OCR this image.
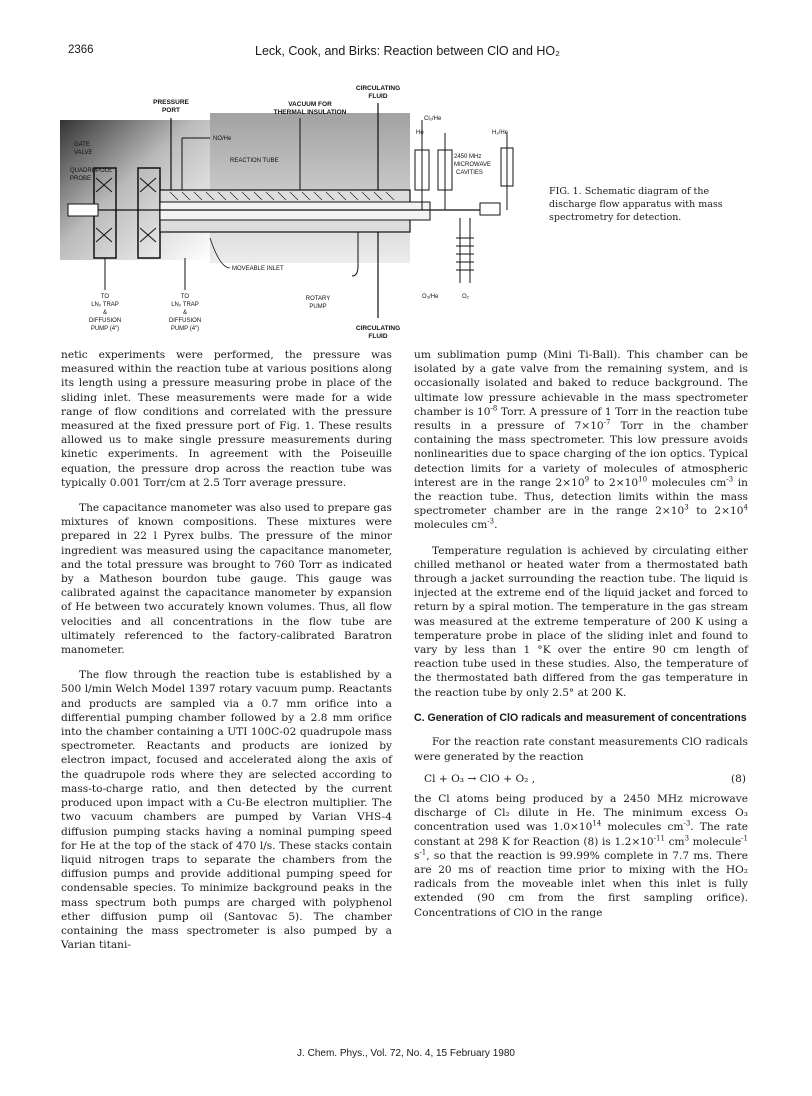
2366	Leck, Cook, and Birks: Reaction between ClO and HO₂
CIRCULATING
FLUID
PRESSURE
PORT
VACUUM FOR
THERMAL INSULATION
Cl₂/He
He	H₂/He
GATE
VALVE
NO/He
REACTION TUBE
QUADRUPOLE
PROBE
2450 MHz
MICROWAVE
CAVITIES
MOVEABLE INLET
TO
LN₂ TRAP
&
DIFFUSION
PUMP (4")
TO
LN₂ TRAP
&
DIFFUSION
PUMP (4")
ROTARY
PUMP
O₃/He	O₂
CIRCULATING
FLUID
FIG. 1. Schematic diagram of the discharge flow apparatus with mass spectrometry for detection.

netic experiments were performed, the pressure was measured within the reaction tube at various positions along its length using a pressure measuring probe in place of the sliding inlet. These measurements were made for a wide range of flow conditions and correlated with the pressure measured at the fixed pressure port of Fig. 1. These results allowed us to make single pressure measurements during kinetic experiments. In agreement with the Poiseuille equation, the pressure drop across the reaction tube was typically 0.001 Torr/cm at 2.5 Torr average pressure.

The capacitance manometer was also used to prepare gas mixtures of known compositions. These mixtures were prepared in 22 l Pyrex bulbs. The pressure of the minor ingredient was measured using the capacitance manometer, and the total pressure was brought to 760 Torr as indicated by a Matheson bourdon tube gauge. This gauge was calibrated against the capacitance manometer by expansion of He between two accurately known volumes. Thus, all flow velocities and all concentrations in the flow tube are ultimately referenced to the factory-calibrated Baratron manometer.

The flow through the reaction tube is established by a 500 l/min Welch Model 1397 rotary vacuum pump. Reactants and products are sampled via a 0.7 mm orifice into a differential pumping chamber followed by a 2.8 mm orifice into the chamber containing a UTI 100C-02 quadrupole mass spectrometer. Reactants and products are ionized by electron impact, focused and accelerated along the axis of the quadrupole rods where they are selected according to mass-to-charge ratio, and then detected by the current produced upon impact with a Cu-Be electron multiplier. The two vacuum chambers are pumped by Varian VHS-4 diffusion pumping stacks having a nominal pumping speed for He at the top of the stack of 470 l/s. These stacks contain liquid nitrogen traps to separate the chambers from the diffusion pumps and provide additional pumping speed for condensable species. To minimize background peaks in the mass spectrum both pumps are charged with polyphenol ether diffusion pump oil (Santovac 5). The chamber containing the mass spectrometer is also pumped by a Varian titani-

um sublimation pump (Mini Ti-Ball). This chamber can be isolated by a gate valve from the remaining system, and is occasionally isolated and baked to reduce background. The ultimate low pressure achievable in the mass spectrometer chamber is $10^{-8}$ Torr. A pressure of 1 Torr in the reaction tube results in a pressure of $7\times 10^{-7}$ Torr in the chamber containing the mass spectrometer. This low pressure avoids nonlinearities due to space charging of the ion optics. Typical detection limits for a variety of molecules of atmospheric interest are in the range $2\times 10^9$ to $2\times 10^{10}$ molecules $cm^{-3}$ in the reaction tube. Thus, detection limits within the mass spectrometer chamber are in the range $2\times 10^3$ to $2\times 10^4$ molecules $cm^{-3}$.

Temperature regulation is achieved by circulating either chilled methanol or heated water from a thermostated bath through a jacket surrounding the reaction tube. The liquid is injected at the extreme end of the liquid jacket and forced to return by a spiral motion. The temperature in the gas stream was measured at the extreme temperature of 200 K using a temperature probe in place of the sliding inlet and found to vary by less than 1 °K over the entire 90 cm length of reaction tube used in these studies. Also, the temperature of the thermostated bath differed from the gas temperature in the reaction tube by only 2.5° at 200 K.

C. Generation of ClO radicals and measurement of concentrations

For the reaction rate constant measurements ClO radicals were generated by the reaction

Cl + O₃ → ClO + O₂ ,	(8)

the Cl atoms being produced by a 2450 MHz microwave discharge of Cl₂ dilute in He. The minimum excess O₃ concentration used was $1.0\times 10^{14}$ molecules $cm^{-3}$. The rate constant at 298 K for Reaction (8) is $1.2\times 10^{-11}$ $cm^3$ molecule$^{-1}$ $s^{-1}$, so that the reaction is 99.99% complete in 7.7 ms. There are 20 ms of reaction time prior to mixing with the HO₂ radicals from the moveable inlet when this inlet is fully extended (90 cm from the first sampling orifice). Concentrations of ClO in the range

J. Chem. Phys., Vol. 72, No. 4, 15 February 1980
